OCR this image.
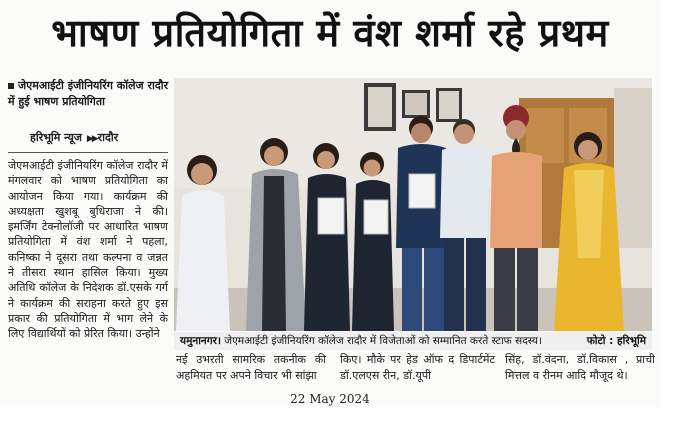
भाषण प्रतियोगिता में वंश शर्मा रहे प्रथम
जेएमआईटी इंजीनियरिंग कॉलेज रादौर में हुई भाषण प्रतियोगिता
हरिभूमि न्यूज ▶▶रादौर
जेएमआईटी इंजीनियरिंग कॉलेज रादौर में मंगलवार को भाषण प्रतियोगिता का आयोजन किया गया। कार्यक्रम की अध्यक्षता खुशबू बुधिराजा ने की। इमर्जिंग टेक्नोलॉजी पर आधारित भाषण प्रतियोगिता में वंश शर्मा ने पहला, कनिष्का ने दूसरा तथा कल्पना व जन्नत ने तीसरा स्थान हासिल किया। मुख्य अतिथि कॉलेज के निदेशक डॉ.एसके गर्ग ने कार्यक्रम की सराहना करते हुए इस प्रकार की प्रतियोगिता में भाग लेने के लिए विद्यार्थियों को प्रेरित किया। उन्होंने
यमुनानगर। जेएमआईटी इंजीनियरिंग कॉलेज रादौर में विजेताओं को सम्मानित करते स्टाफ सदस्य।	फोटो : हरिभूमि
नई उभरती सामरिक तकनीक की अहमियत पर अपने विचार भी सांझा
किए। मौके पर हेड ऑफ द डिपार्टमेंट डॉ.एलएस रीन, डॉ.यूपी
सिंह, डॉ.वंदना, डॉ.विकास , प्राची मित्तल व रीनम आदि मौजूद थे।
22 May 2024
